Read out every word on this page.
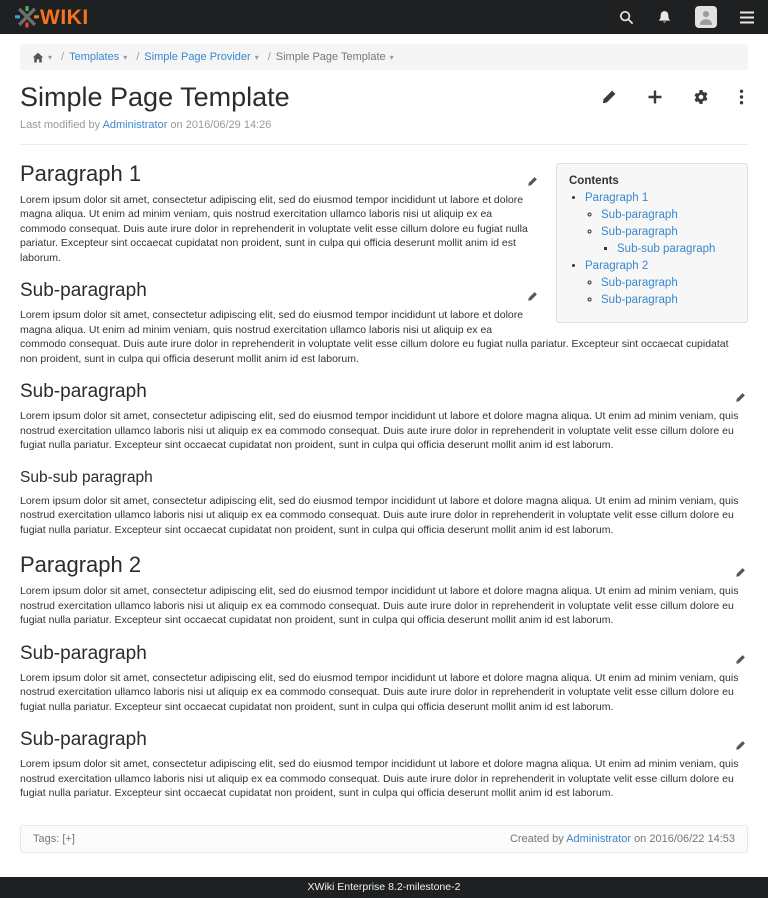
WIKI
▾ / Templates ▾ / Simple Page Provider ▾ / Simple Page Template ▾
Simple Page Template
Last modified by Administrator on 2016/06/29 14:26
Contents
• Paragraph 1
◦ Sub-paragraph
◦ Sub-paragraph
▪ Sub-sub paragraph
• Paragraph 2
◦ Sub-paragraph
◦ Sub-paragraph
Paragraph 1

Lorem ipsum dolor sit amet, consectetur adipiscing elit, sed do eiusmod tempor incididunt ut labore et dolore magna aliqua. Ut enim ad minim veniam, quis nostrud exercitation ullamco laboris nisi ut aliquip ex ea commodo consequat. Duis aute irure dolor in reprehenderit in voluptate velit esse cillum dolore eu fugiat nulla pariatur. Excepteur sint occaecat cupidatat non proident, sunt in culpa qui officia deserunt mollit anim id est laborum.

Sub-paragraph

Lorem ipsum dolor sit amet, consectetur adipiscing elit, sed do eiusmod tempor incididunt ut labore et dolore magna aliqua. Ut enim ad minim veniam, quis nostrud exercitation ullamco laboris nisi ut aliquip ex ea commodo consequat. Duis aute irure dolor in reprehenderit in voluptate velit esse cillum dolore eu fugiat nulla pariatur. Excepteur sint occaecat cupidatat non proident, sunt in culpa qui officia deserunt mollit anim id est laborum.

Sub-paragraph

Lorem ipsum dolor sit amet, consectetur adipiscing elit, sed do eiusmod tempor incididunt ut labore et dolore magna aliqua. Ut enim ad minim veniam, quis nostrud exercitation ullamco laboris nisi ut aliquip ex ea commodo consequat. Duis aute irure dolor in reprehenderit in voluptate velit esse cillum dolore eu fugiat nulla pariatur. Excepteur sint occaecat cupidatat non proident, sunt in culpa qui officia deserunt mollit anim id est laborum.

Sub-sub paragraph

Lorem ipsum dolor sit amet, consectetur adipiscing elit, sed do eiusmod tempor incididunt ut labore et dolore magna aliqua. Ut enim ad minim veniam, quis nostrud exercitation ullamco laboris nisi ut aliquip ex ea commodo consequat. Duis aute irure dolor in reprehenderit in voluptate velit esse cillum dolore eu fugiat nulla pariatur. Excepteur sint occaecat cupidatat non proident, sunt in culpa qui officia deserunt mollit anim id est laborum.

Paragraph 2

Lorem ipsum dolor sit amet, consectetur adipiscing elit, sed do eiusmod tempor incididunt ut labore et dolore magna aliqua. Ut enim ad minim veniam, quis nostrud exercitation ullamco laboris nisi ut aliquip ex ea commodo consequat. Duis aute irure dolor in reprehenderit in voluptate velit esse cillum dolore eu fugiat nulla pariatur. Excepteur sint occaecat cupidatat non proident, sunt in culpa qui officia deserunt mollit anim id est laborum.

Sub-paragraph

Lorem ipsum dolor sit amet, consectetur adipiscing elit, sed do eiusmod tempor incididunt ut labore et dolore magna aliqua. Ut enim ad minim veniam, quis nostrud exercitation ullamco laboris nisi ut aliquip ex ea commodo consequat. Duis aute irure dolor in reprehenderit in voluptate velit esse cillum dolore eu fugiat nulla pariatur. Excepteur sint occaecat cupidatat non proident, sunt in culpa qui officia deserunt mollit anim id est laborum.

Sub-paragraph

Lorem ipsum dolor sit amet, consectetur adipiscing elit, sed do eiusmod tempor incididunt ut labore et dolore magna aliqua. Ut enim ad minim veniam, quis nostrud exercitation ullamco laboris nisi ut aliquip ex ea commodo consequat. Duis aute irure dolor in reprehenderit in voluptate velit esse cillum dolore eu fugiat nulla pariatur. Excepteur sint occaecat cupidatat non proident, sunt in culpa qui officia deserunt mollit anim id est laborum.

Tags: [+]	Created by Administrator on 2016/06/22 14:53
XWiki Enterprise 8.2-milestone-2
